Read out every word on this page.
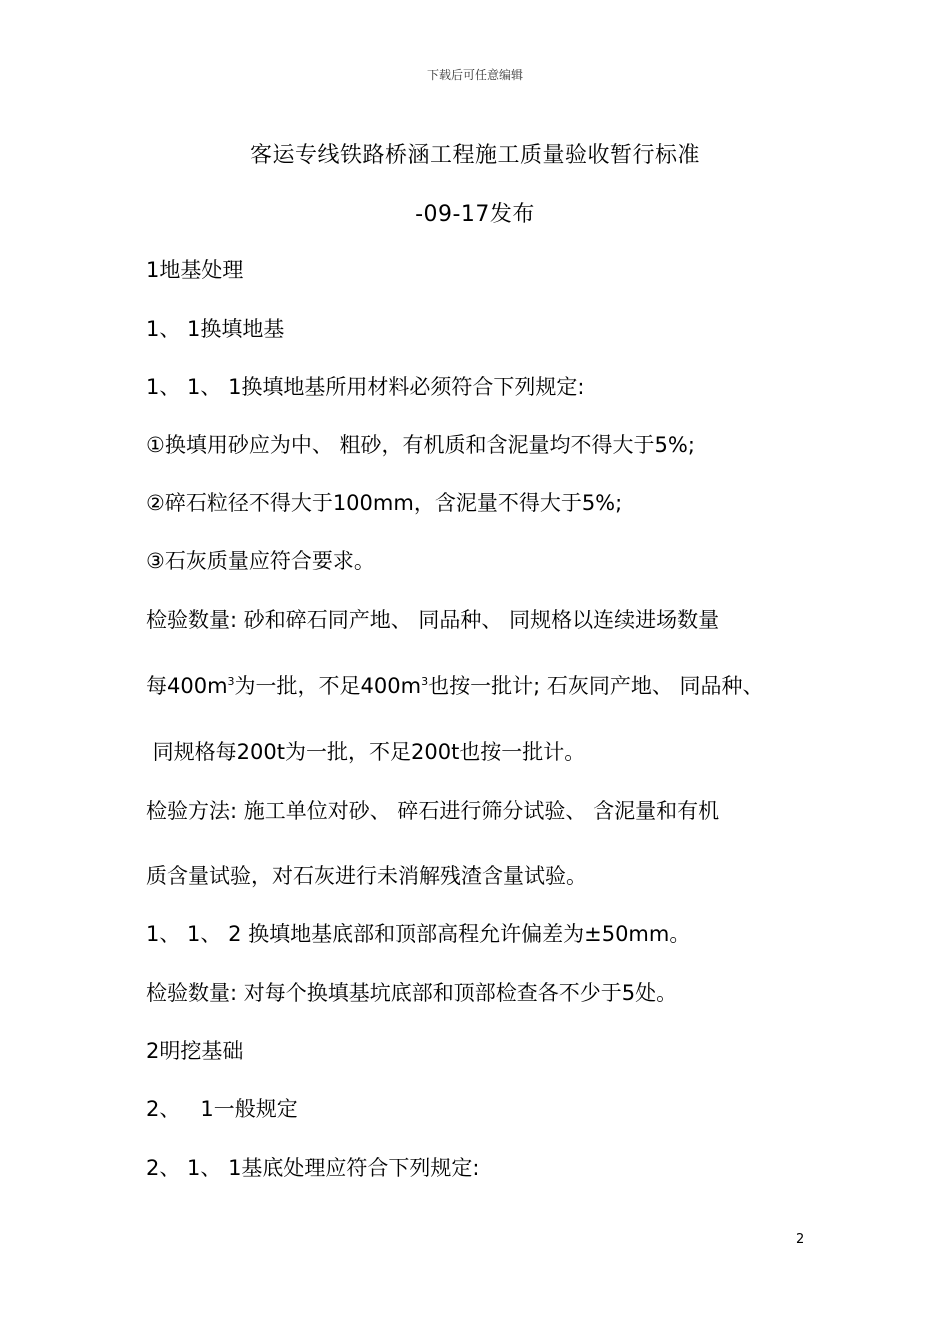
下载后可任意编辑
客运专线铁路桥涵工程施工质量验收暂行标准
-09-17发布
1地基处理
1、 1换填地基
1、 1、 1换填地基所用材料必须符合下列规定:
①换填用砂应为中、 粗砂，有机质和含泥量均不得大于5%;
②碎石粒径不得大于100mm，含泥量不得大于5%;
③石灰质量应符合要求。
检验数量: 砂和碎石同产地、 同品种、 同规格以连续进场数量
每$400m^3$为一批，不足$400m^3$也按一批计; 石灰同产地、 同品种、
同规格每200t为一批，不足200t也按一批计。
检验方法: 施工单位对砂、 碎石进行筛分试验、 含泥量和有机
质含量试验，对石灰进行未消解残渣含量试验。
1、 1、 2 换填地基底部和顶部高程允许偏差为±50mm。
检验数量: 对每个换填基坑底部和顶部检查各不少于5处。
2明挖基础
2、   1一般规定
2、 1、 1基底处理应符合下列规定:
2
